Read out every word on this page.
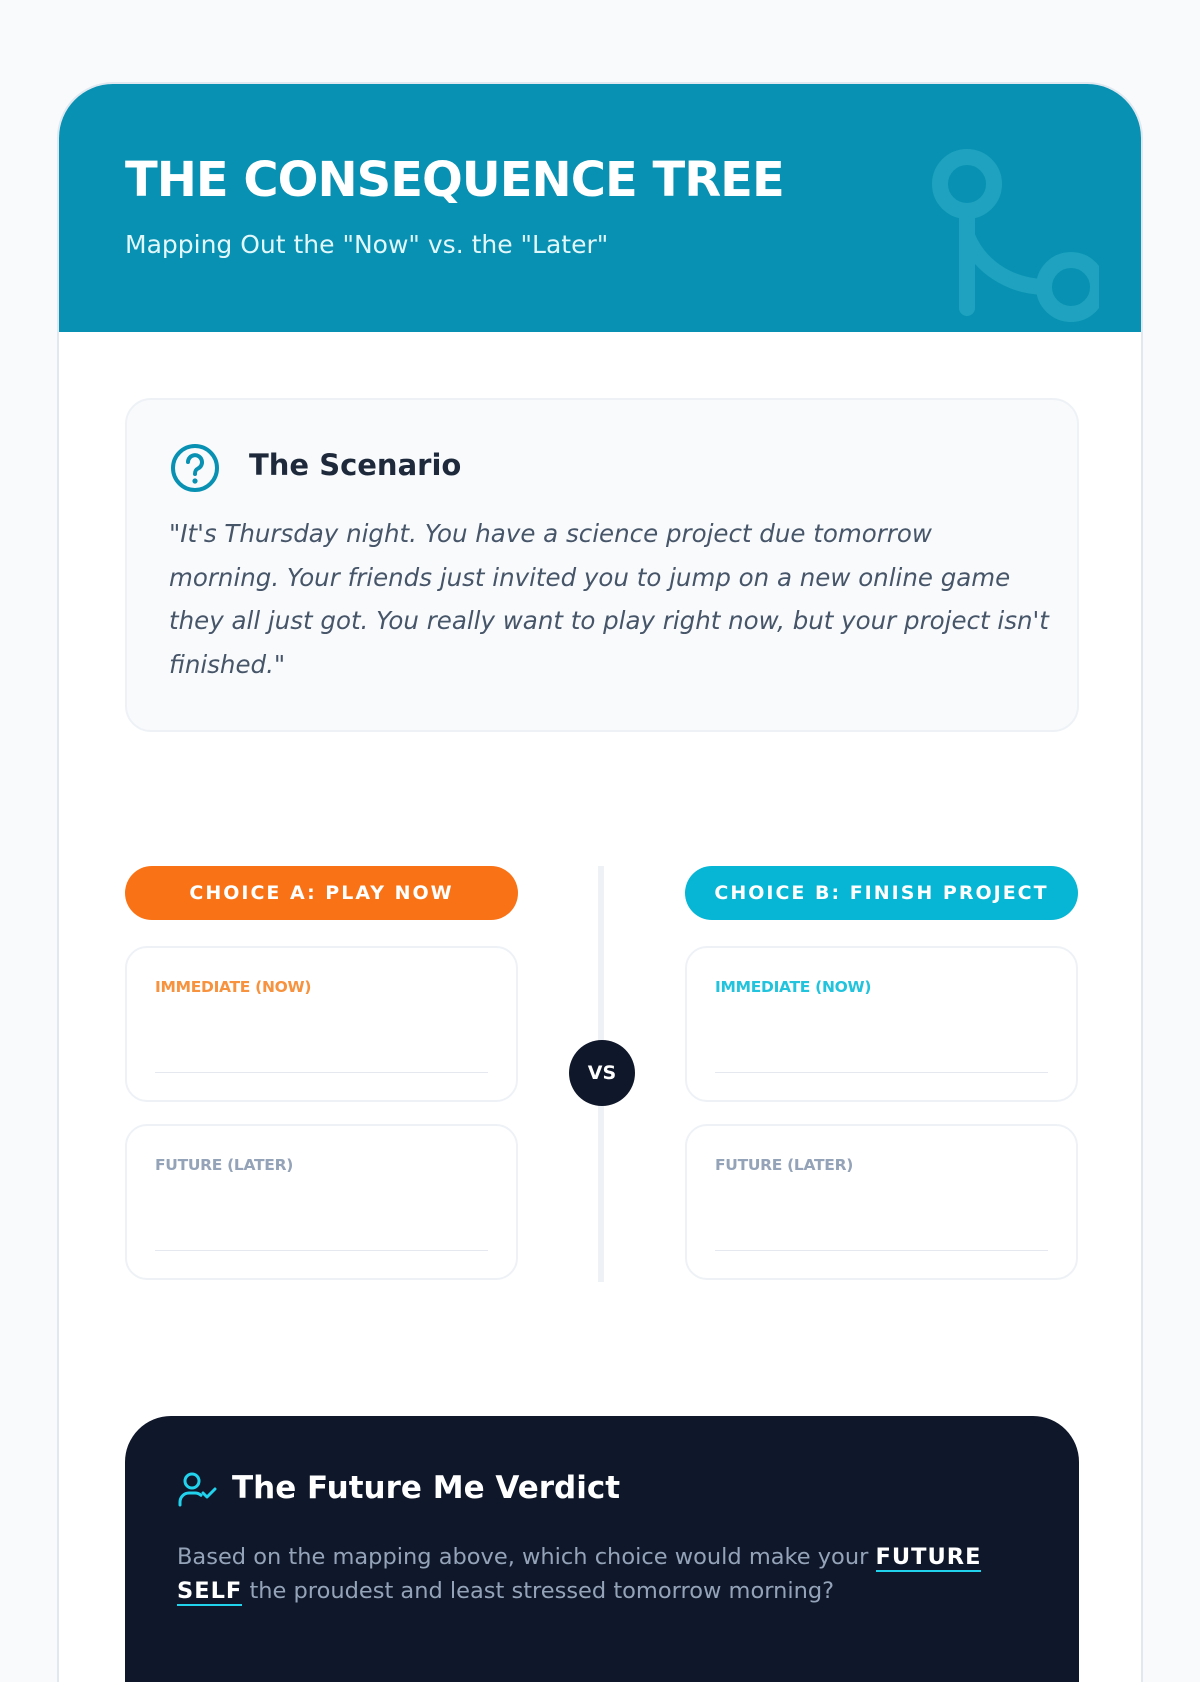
THE CONSEQUENCE TREE
Mapping Out the "Now" vs. the "Later"
The Scenario

"It's Thursday night. You have a science project due tomorrow morning. Your friends just invited you to jump on a new online game they all just got. You really want to play right now, but your project isn't finished."

CHOICE A: PLAY NOW	CHOICE B: FINISH PROJECT
VS
IMMEDIATE (NOW)
FUTURE (LATER)
IMMEDIATE (NOW)
FUTURE (LATER)
The Future Me Verdict

Based on the mapping above, which choice would make your FUTURE SELF the proudest and least stressed tomorrow morning?
